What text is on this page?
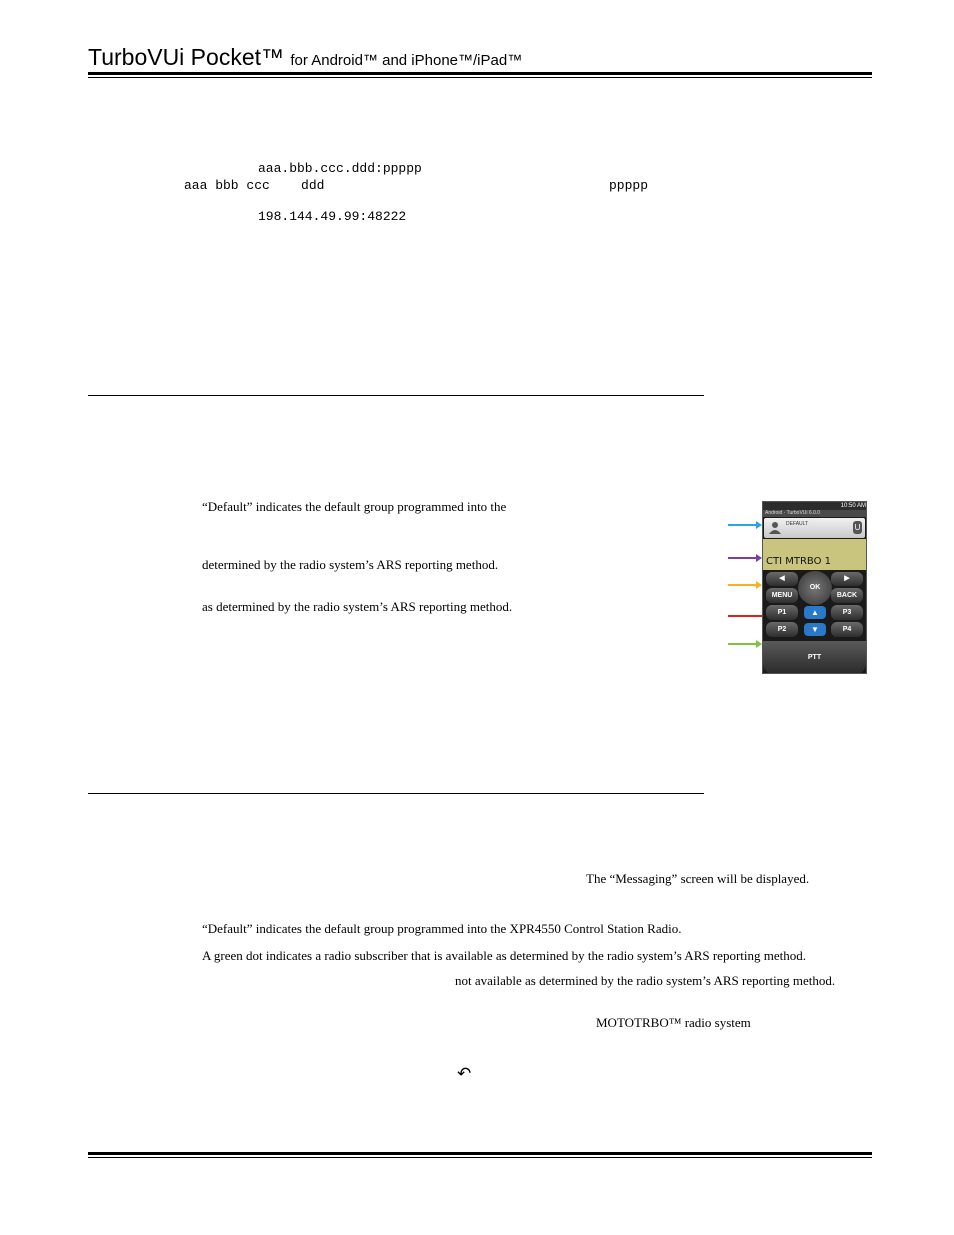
TurboVUi Pocket™ for Android™ and iPhone™/iPad™
aaa.bbb.ccc.ddd:ppppp
aaa bbb ccc    ddd	ppppp
198.144.49.99:48222
“Default” indicates the default group programmed into the
determined by the radio system’s ARS reporting method.
as determined by the radio system’s ARS reporting method.
10:50 AM
Android · TurboVUi 6.0.0
DEFAULT	U
CTI MTRBO 1
◀	▶
OK
MENU	BACK
P1	▲	P3
P2	▼	P4
PTT
The “Messaging” screen will be displayed.
“Default” indicates the default group programmed into the XPR4550 Control Station Radio.
A green dot indicates a radio subscriber that is available as determined by the radio system’s ARS reporting method.
not available as determined by the radio system’s ARS reporting method.
MOTOTRBO™ radio system
↶
